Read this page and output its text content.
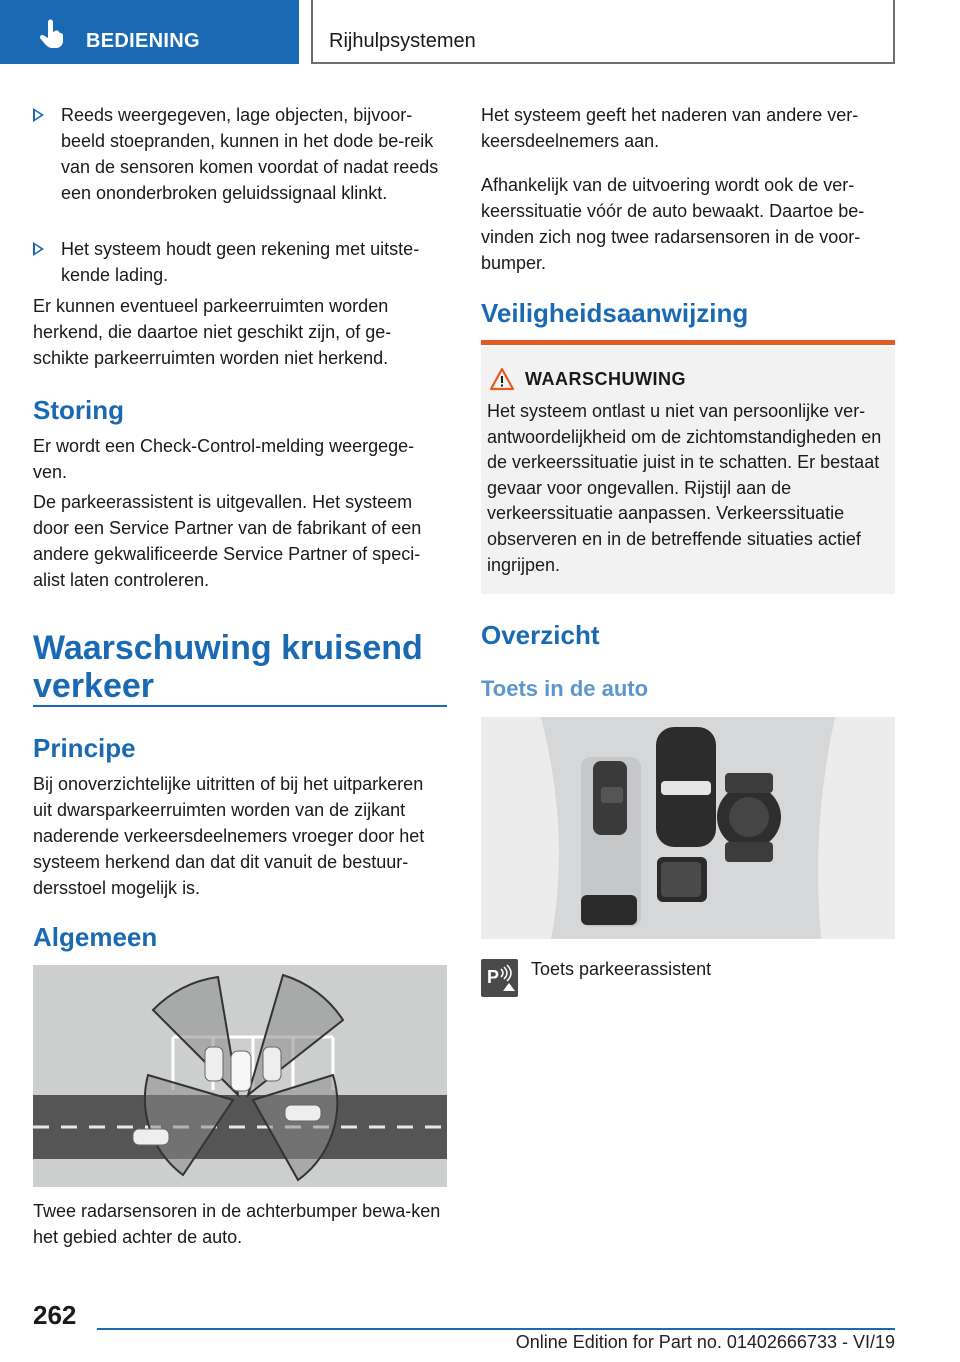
BEDIENING	Rijhulpsystemen
Reeds weergegeven, lage objecten, bijvoor-beeld stoepranden, kunnen in het dode be-reik van de sensoren komen voordat of nadat reeds een ononderbroken geluidssignaal klinkt.
Het systeem houdt geen rekening met uitste-kende lading.

Er kunnen eventueel parkeerruimten worden herkend, die daartoe niet geschikt zijn, of ge-schikte parkeerruimten worden niet herkend.

Storing

Er wordt een Check-Control-melding weergege-ven.

De parkeerassistent is uitgevallen. Het systeem door een Service Partner van de fabrikant of een andere gekwalificeerde Service Partner of speci-alist laten controleren.

Waarschuwing kruisend
verkeer
Principe

Bij onoverzichtelijke uitritten of bij het uitparkeren uit dwarsparkeerruimten worden van de zijkant naderende verkeersdeelnemers vroeger door het systeem herkend dan dat dit vanuit de bestuur-dersstoel mogelijk is.

Algemeen

Twee radarsensoren in de achterbumper bewa-ken het gebied achter de auto.

Het systeem geeft het naderen van andere ver-keersdeelnemers aan.

Afhankelijk van de uitvoering wordt ook de ver-keerssituatie vóór de auto bewaakt. Daartoe be-vinden zich nog twee radarsensoren in de voor-bumper.

Veiligheidsaanwijzing
WAARSCHUWING
Het systeem ontlast u niet van persoonlijke ver-antwoordelijkheid om de zichtomstandigheden en de verkeerssituatie juist in te schatten. Er bestaat gevaar voor ongevallen. Rijstijl aan de verkeerssituatie aanpassen. Verkeerssituatie observeren en in de betreffende situaties actief ingrijpen.
Overzicht
Toets in de auto
P Toets parkeerassistent

262
Online Edition for Part no. 01402666733 - VI/19
